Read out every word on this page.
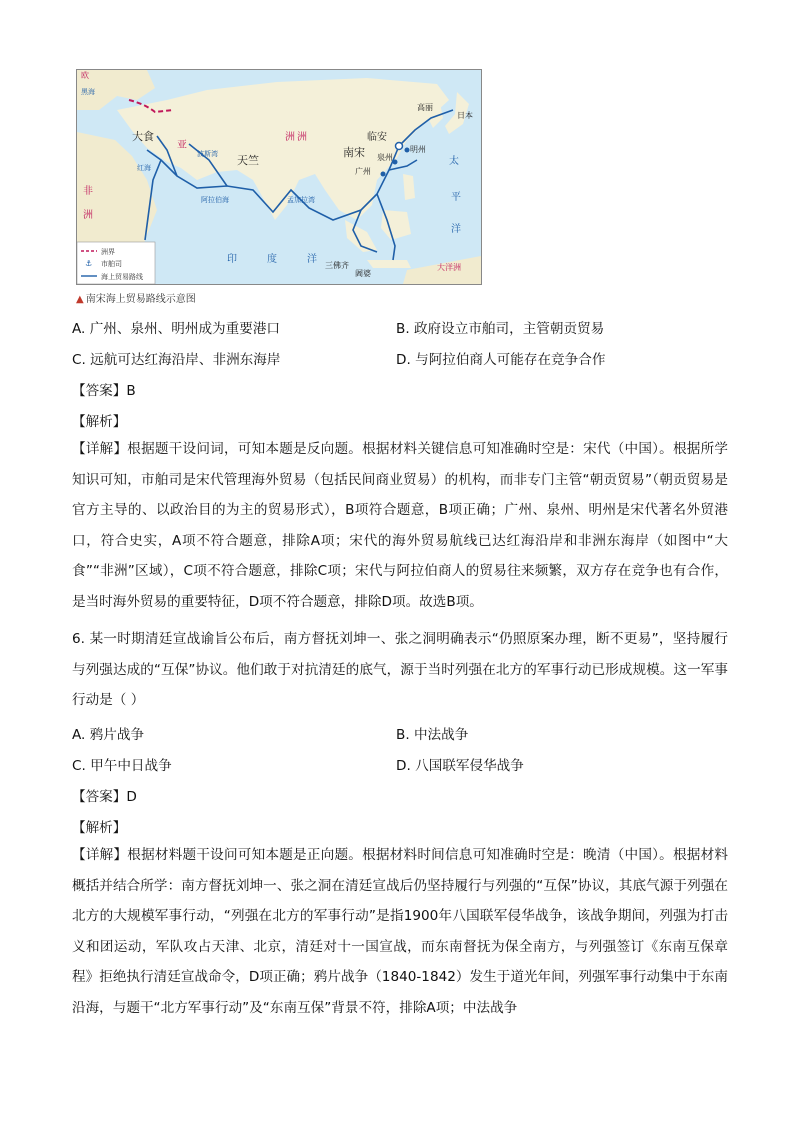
大食
天竺
南宋
临安
明州
泉州
广州
高丽
日本
三佛齐
阇婆
黑海
红海
波斯湾
阿拉伯海	孟加拉湾
欧
亚
洲
非
洲
洲
大洋洲
太
平
洋
印	度	洋
洲界
⚓ 市舶司
海上贸易路线
▲ 南宋海上贸易路线示意图
A. 广州、泉州、明州成为重要港口	B. 政府设立市舶司，主管朝贡贸易
C. 远航可达红海沿岸、非洲东海岸	D. 与阿拉伯商人可能存在竞争合作
【答案】B
【解析】
【详解】根据题干设问词，可知本题是反向题。根据材料关键信息可知准确时空是：宋代（中国）。根据所学知识可知，市舶司是宋代管理海外贸易（包括民间商业贸易）的机构，而非专门主管“朝贡贸易”（朝贡贸易是官方主导的、以政治目的为主的贸易形式），B项符合题意，B项正确；广州、泉州、明州是宋代著名外贸港口，符合史实，A项不符合题意，排除A项；宋代的海外贸易航线已达红海沿岸和非洲东海岸（如图中“大食”“非洲”区域），C项不符合题意，排除C项；宋代与阿拉伯商人的贸易往来频繁，双方存在竞争也有合作，是当时海外贸易的重要特征，D项不符合题意，排除D项。故选B项。
6. 某一时期清廷宣战谕旨公布后，南方督抚刘坤一、张之洞明确表示“仍照原案办理，断不更易”，坚持履行与列强达成的“互保”协议。他们敢于对抗清廷的底气，源于当时列强在北方的军事行动已形成规模。这一军事行动是（ ）
A. 鸦片战争	B. 中法战争
C. 甲午中日战争	D. 八国联军侵华战争
【答案】D
【解析】
【详解】根据材料题干设问可知本题是正向题。根据材料时间信息可知准确时空是：晚清（中国）。根据材料概括并结合所学：南方督抚刘坤一、张之洞在清廷宣战后仍坚持履行与列强的“互保”协议，其底气源于列强在北方的大规模军事行动，“列强在北方的军事行动”是指1900年八国联军侵华战争，该战争期间，列强为打击义和团运动，军队攻占天津、北京，清廷对十一国宣战，而东南督抚为保全南方，与列强签订《东南互保章程》拒绝执行清廷宣战命令，D项正确；鸦片战争（1840-1842）发生于道光年间，列强军事行动集中于东南沿海，与题干“北方军事行动”及“东南互保”背景不符，排除A项；中法战争
